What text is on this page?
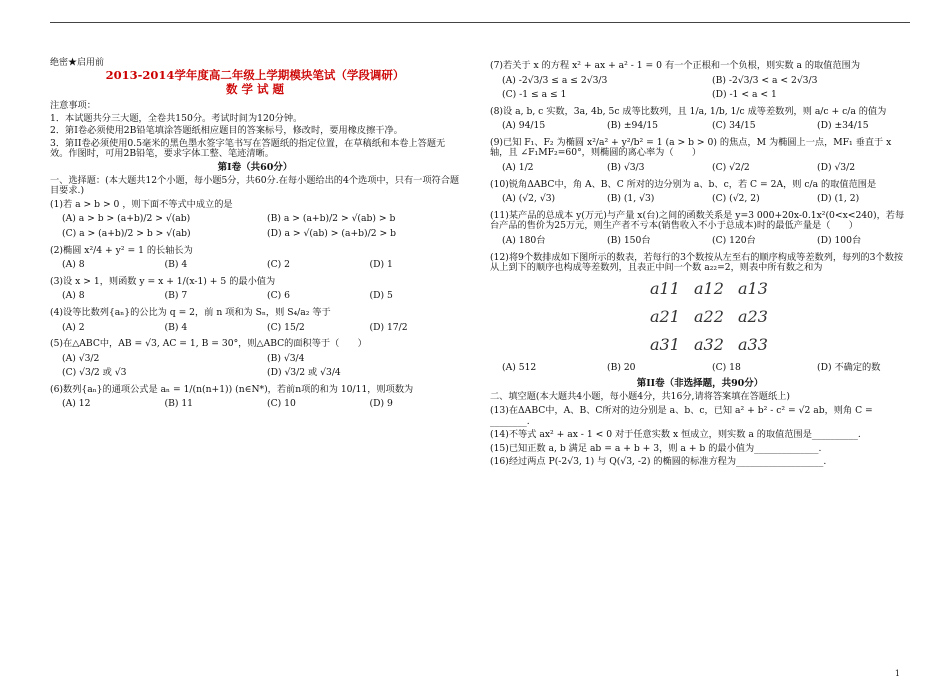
绝密★启用前
2013-2014学年度高二年级上学期模块笔试（学段调研）
数 学 试 题
注意事项：
1．本试题共分三大题，全卷共150分。考试时间为120分钟。
2．第I卷必须使用2B铅笔填涂答题纸相应题目的答案标号，修改时，要用橡皮擦干净。
3．第II卷必须使用0.5毫米的黑色墨水签字笔书写在答题纸的指定位置，在草稿纸和本卷上答题无效。作图时，可用2B铅笔，要求字体工整、笔迹清晰。
第I卷（共60分）
一、选择题：(本大题共12个小题，每小题5分，共60分.在每小题给出的4个选项中，只有一项符合题目要求.)
(1)若 a > b > 0 ，则下面不等式中成立的是
(A) a > b > (a+b)/2 > √(ab)	(B) a > (a+b)/2 > √(ab) > b
(C) a > (a+b)/2 > b > √(ab)	(D) a > √(ab) > (a+b)/2 > b
(2)椭圆 x²/4 + y² = 1 的长轴长为
(A) 8	(B) 4	(C) 2	(D) 1
(3)设 x > 1，则函数 y = x + 1/(x-1) + 5 的最小值为
(A) 8	(B) 7	(C) 6	(D) 5
(4)设等比数列{aₙ}的公比为 q = 2，前 n 项和为 Sₙ，则 S₄/a₂ 等于
(A) 2	(B) 4	(C) 15/2	(D) 17/2
(5)在△ABC中，AB = √3, AC = 1, B = 30°，则△ABC的面积等于（　　）
(A) √3/2	(B) √3/4
(C) √3/2 或 √3	(D) √3/2 或 √3/4
(6)数列{aₙ}的通项公式是 aₙ = 1/(n(n+1)) (n∈N*)，若前n项的和为 10/11，则项数为
(A) 12	(B) 11	(C) 10	(D) 9
(7)若关于 x 的方程 x² + ax + a² - 1 = 0 有一个正根和一个负根，则实数 a 的取值范围为
(A) -2√3/3 ≤ a ≤ 2√3/3	(B) -2√3/3 < a < 2√3/3
(C) -1 ≤ a ≤ 1	(D) -1 < a < 1
(8)设 a, b, c 实数，3a, 4b, 5c 成等比数列，且 1/a, 1/b, 1/c 成等差数列，则 a/c + c/a 的值为
(A) 94/15	(B) ±94/15	(C) 34/15	(D) ±34/15
(9)已知 F₁、F₂ 为椭圆 x²/a² + y²/b² = 1 (a > b > 0) 的焦点，M 为椭圆上一点，MF₁ 垂直于 x 轴，且 ∠F₁MF₂=60°，则椭圆的离心率为（　　）
(A) 1/2	(B) √3/3	(C) √2/2	(D) √3/2
(10)锐角ΔABC中，角 A、B、C 所对的边分别为 a、b、c，若 C = 2A，则 c/a 的取值范围是
(A) (√2, √3)	(B) (1, √3)	(C) (√2, 2)	(D) (1, 2)
(11)某产品的总成本 y(万元)与产量 x(台)之间的函数关系是 y=3 000+20x-0.1x²(0<x<240)，若每台产品的售价为25万元，则生产者不亏本(销售收入不小于总成本)时的最低产量是（　　）
(A) 180台	(B) 150台	(C) 120台	(D) 100台
(12)将9个数排成如下图所示的数表，若每行的3个数按从左至右的顺序构成等差数列，每列的3个数按从上到下的顺序也构成等差数列，且表正中间一个数 a₂₂=2，则表中所有数之和为
a11 a12 a13
a21 a22 a23
a31 a32 a33
(A) 512	(B) 20	(C) 18	(D) 不确定的数
第II卷（非选择题，共90分）
二、填空题(本大题共4小题，每小题4分，共16分,请将答案填在答题纸上)
(13)在ΔABC中，A、B、C所对的边分别是 a、b、c，已知 a² + b² - c² = √2 ab，则角 C = ________.
(14)不等式 ax² + ax - 1 < 0 对于任意实数 x 恒成立，则实数 a 的取值范围是__________.
(15)已知正数 a, b 满足 ab = a + b + 3，则 a + b 的最小值为______________.
(16)经过两点 P(-2√3, 1) 与 Q(√3, -2) 的椭圆的标准方程为___________________.
1
